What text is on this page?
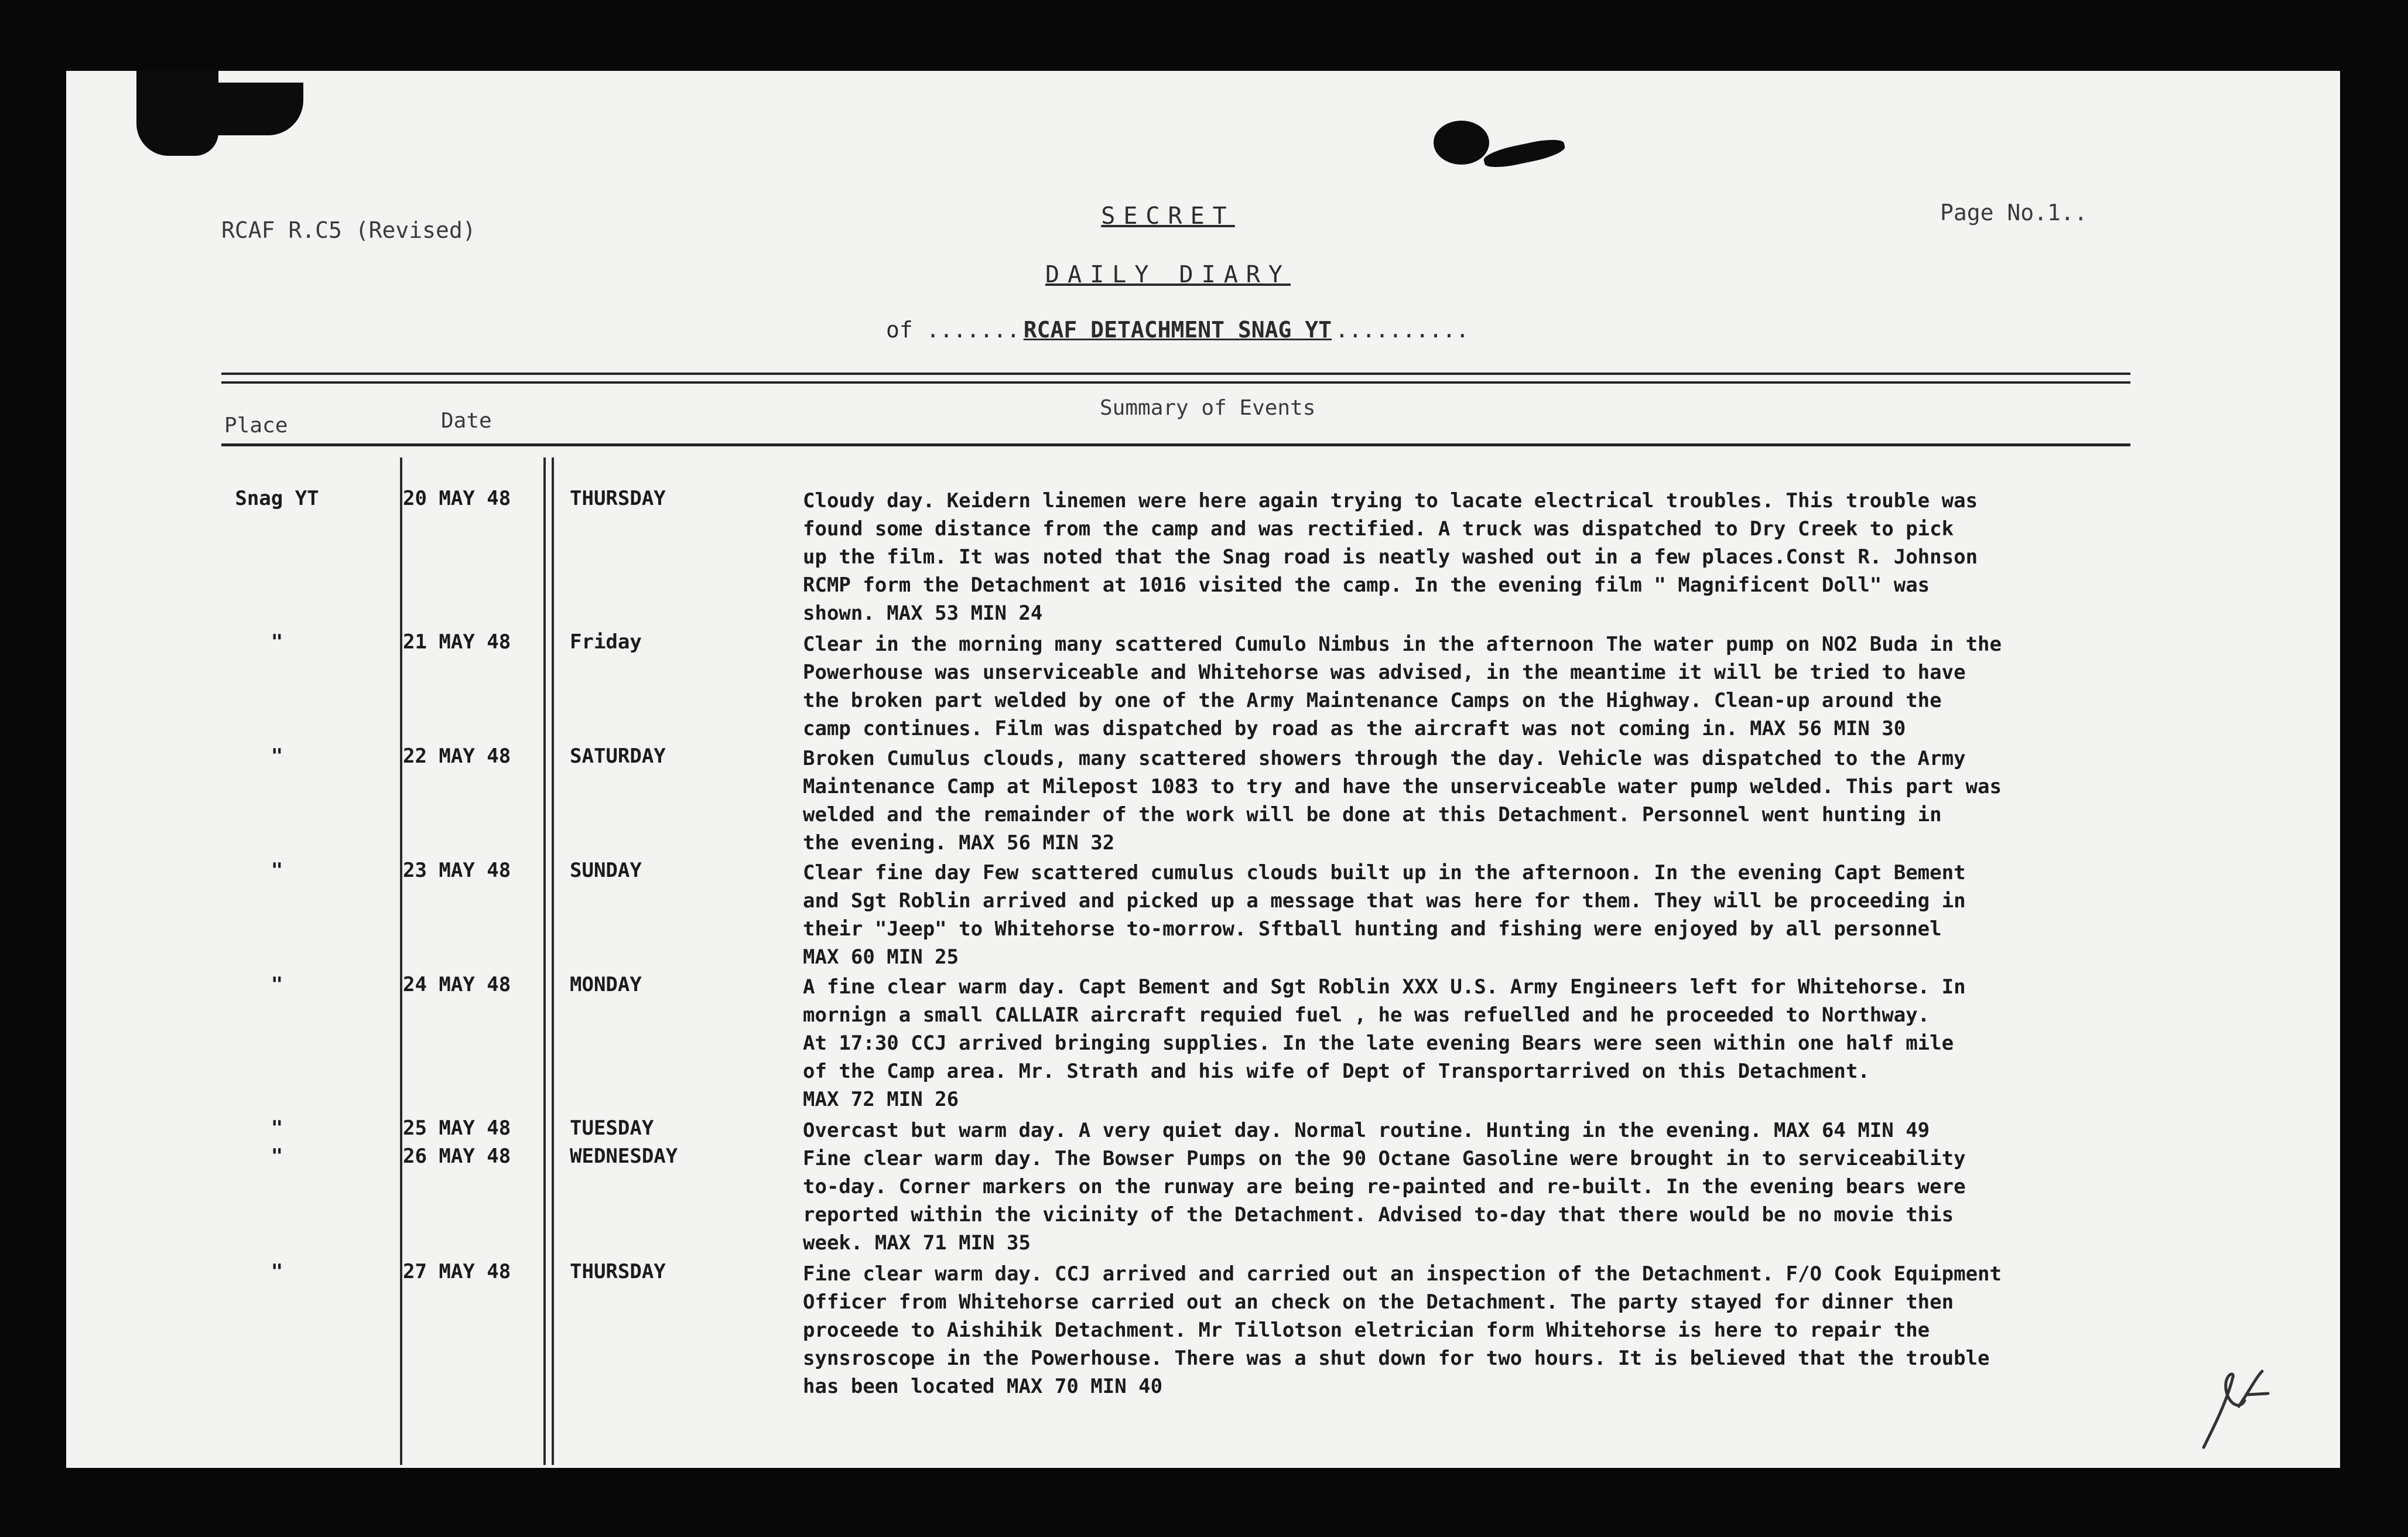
RCAF R.C5 (Revised)
SECRET
DAILY DIARY
Page No.1..
of ....... RCAF DETACHMENT SNAG YT ..........
Place	Date
Summary of Events
Snag YT	20 MAY 48	THURSDAY	Cloudy day. Keidern linemen were here again trying to lacate electrical troubles. This trouble was
found some distance from the camp and was rectified. A truck was dispatched to Dry Creek to pick
up the film. It was noted that the Snag road is neatly washed out in a few places.Const R. Johnson
RCMP form the Detachment at 1016 visited the camp. In the evening film " Magnificent Doll" was
shown. MAX 53 MIN 24
"	21 MAY 48	Friday	Clear in the morning many scattered Cumulo Nimbus in the afternoon The water pump on NO2 Buda in the
Powerhouse was unserviceable and Whitehorse was advised, in the meantime it will be tried to have
the broken part welded by one of the Army Maintenance Camps on the Highway. Clean-up around the
camp continues. Film was dispatched by road as the aircraft was not coming in. MAX 56 MIN 30
"	22 MAY 48	SATURDAY	Broken Cumulus clouds, many scattered showers through the day. Vehicle was dispatched to the Army
Maintenance Camp at Milepost 1083 to try and have the unserviceable water pump welded. This part was
welded and the remainder of the work will be done at this Detachment. Personnel went hunting in
the evening. MAX 56 MIN 32
"	23 MAY 48	SUNDAY	Clear fine day Few scattered cumulus clouds built up in the afternoon. In the evening Capt Bement
and Sgt Roblin arrived and picked up a message that was here for them. They will be proceeding in
their "Jeep" to Whitehorse to-morrow. Sftball hunting and fishing were enjoyed by all personnel
MAX 60 MIN 25
"	24 MAY 48	MONDAY	A fine clear warm day. Capt Bement and Sgt Roblin XXX U.S. Army Engineers left for Whitehorse. In
mornign a small CALLAIR aircraft requied fuel , he was refuelled and he proceeded to Northway.
At 17:30 CCJ arrived bringing supplies. In the late evening Bears were seen within one half mile
of the Camp area. Mr. Strath and his wife of Dept of Transportarrived on this Detachment.
MAX 72 MIN 26
"	25 MAY 48	TUESDAY	Overcast but warm day. A very quiet day. Normal routine. Hunting in the evening. MAX 64 MIN 49
"	26 MAY 48	WEDNESDAY	Fine clear warm day. The Bowser Pumps on the 90 Octane Gasoline were brought in to serviceability
to-day. Corner markers on the runway are being re-painted and re-built. In the evening bears were
reported within the vicinity of the Detachment. Advised to-day that there would be no movie this
week. MAX 71 MIN 35
"	27 MAY 48	THURSDAY	Fine clear warm day. CCJ arrived and carried out an inspection of the Detachment. F/O Cook Equipment
Officer from Whitehorse carried out an check on the Detachment. The party stayed for dinner then
proceede to Aishihik Detachment. Mr Tillotson eletrician form Whitehorse is here to repair the
synsroscope in the Powerhouse. There was a shut down for two hours. It is believed that the trouble
has been located MAX 70 MIN 40
